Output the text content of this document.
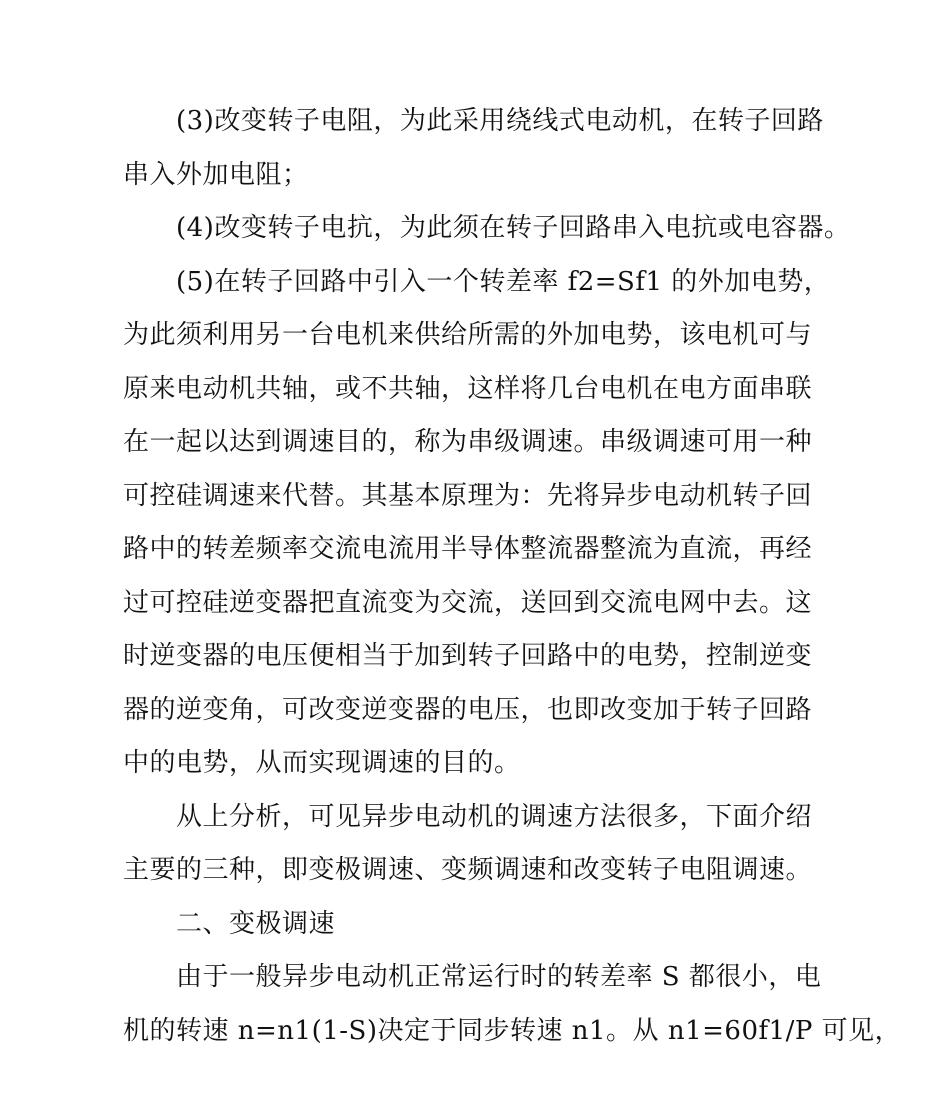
(3)改变转子电阻，为此采用绕线式电动机，在转子回路

串入外加电阻；

(4)改变转子电抗，为此须在转子回路串入电抗或电容器。

(5)在转子回路中引入一个转差率 f2=Sf1 的外加电势，

为此须利用另一台电机来供给所需的外加电势，该电机可与

原来电动机共轴，或不共轴，这样将几台电机在电方面串联

在一起以达到调速目的，称为串级调速。串级调速可用一种

可控硅调速来代替。其基本原理为：先将异步电动机转子回

路中的转差频率交流电流用半导体整流器整流为直流，再经

过可控硅逆变器把直流变为交流，送回到交流电网中去。这

时逆变器的电压便相当于加到转子回路中的电势，控制逆变

器的逆变角，可改变逆变器的电压，也即改变加于转子回路

中的电势，从而实现调速的目的。

从上分析，可见异步电动机的调速方法很多，下面介绍

主要的三种，即变极调速、变频调速和改变转子电阻调速。

二、变极调速

由于一般异步电动机正常运行时的转差率 S 都很小，电

机的转速 n=n1(1-S)决定于同步转速 n1。从 n1=60f1/P 可见，
